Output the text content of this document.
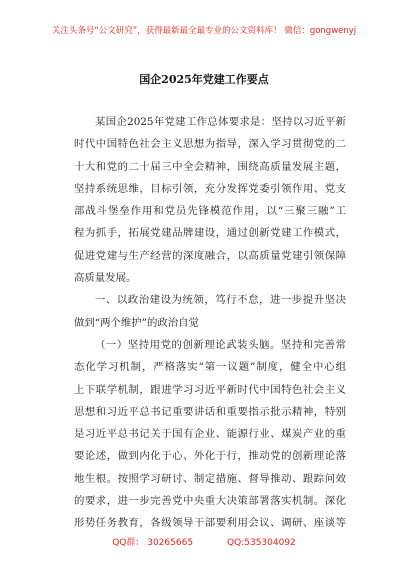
关注头条号“公文研究”，获得最新最全最专业的公文资料库！ 微信：gongwenyj
国企2025年党建工作要点
某国企2025年党建工作总体要求是：坚持以习近平新
时代中国特色社会主义思想为指导，深入学习贯彻党的二
十大和党的二十届三中全会精神，围绕高质量发展主题，
坚持系统思维，目标引领，充分发挥党委引领作用、党支
部战斗堡垒作用和党员先锋模范作用，以“三聚三融”工
程为抓手，拓展党建品牌建设，通过创新党建工作模式，
促进党建与生产经营的深度融合，以高质量党建引领保障
高质量发展。
一、以政治建设为统领，笃行不怠，进一步提升坚决
做到“两个维护”的政治自觉
（一）坚持用党的创新理论武装头脑。坚持和完善常
态化学习机制，严格落实“第一议题”制度，健全中心组
上下联学机制，跟进学习习近平新时代中国特色社会主义
思想和习近平总书记重要讲话和重要指示批示精神，特别
是习近平总书记关于国有企业、能源行业、煤炭产业的重
要论述，做到内化于心、外化于行，推动党的创新理论落
地生根。按照学习研讨、制定措施、督导推动、跟踪问效
的要求，进一步完善党中央重大决策部署落实机制。深化
形势任务教育，各级领导干部要利用会议、调研、座谈等
QQ群： 30265665	QQ:535304092
